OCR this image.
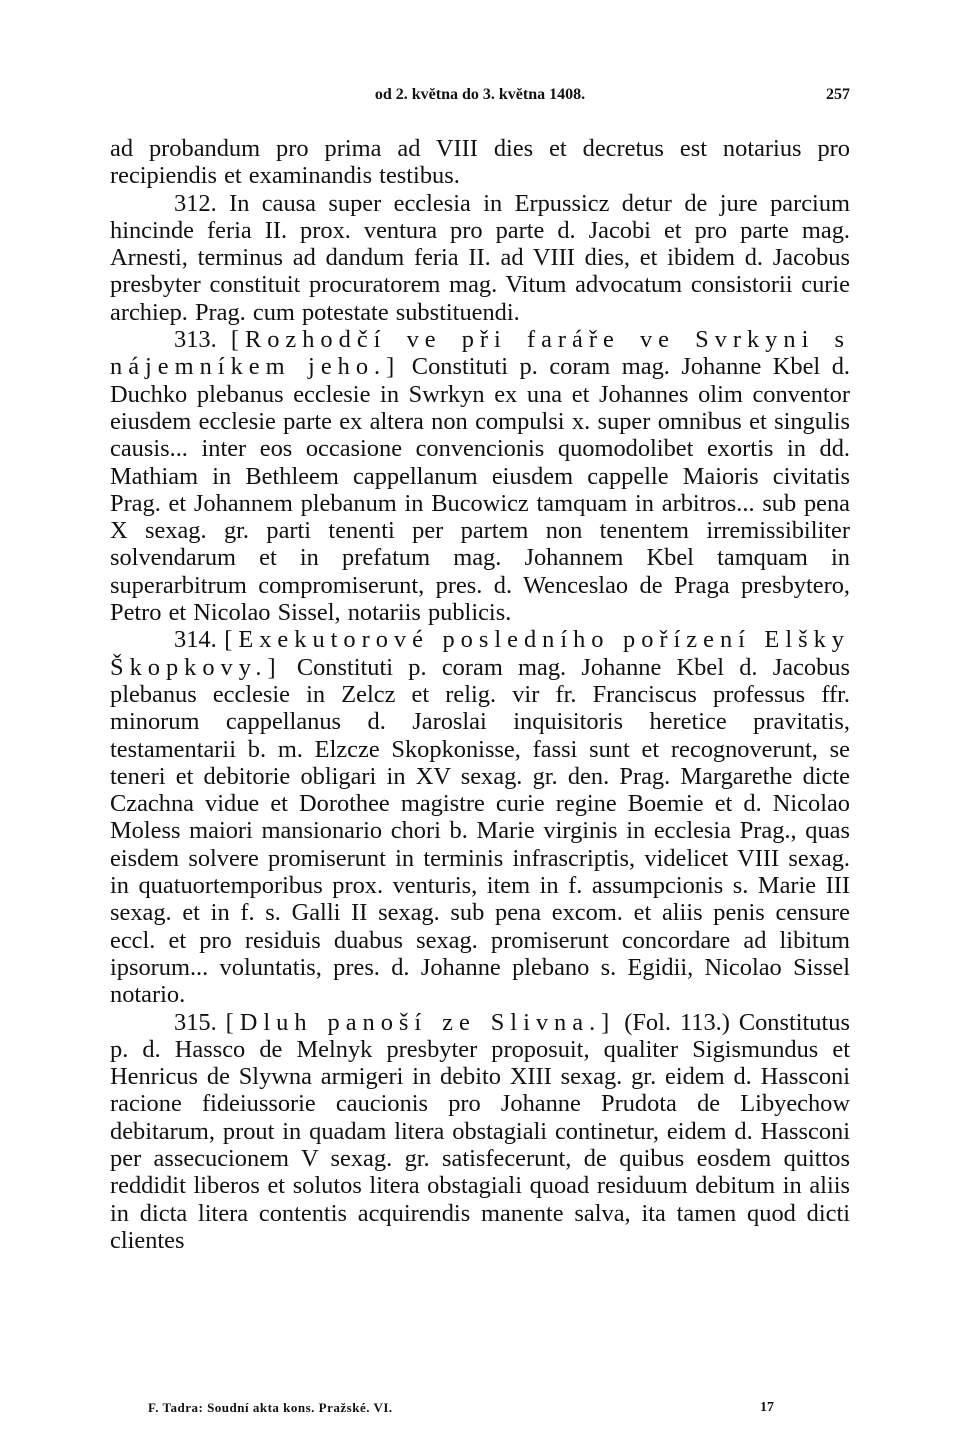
od 2. května do 3. května 1408.	257

ad probandum pro prima ad VIII dies et decretus est notarius pro recipiendis et examinandis testibus.

312. In causa super ecclesia in Erpussicz detur de jure parcium hincinde feria II. prox. ventura pro parte d. Jacobi et pro parte mag. Arnesti, terminus ad dandum feria II. ad VIII dies, et ibidem d. Jacobus presbyter constituit procuratorem mag. Vitum advocatum consistorii curie archiep. Prag. cum potestate substituendi.

313. [Rozhodčí ve při faráře ve Svrkyni s nájemníkem jeho.] Constituti p. coram mag. Johanne Kbel d. Duchko plebanus ecclesie in Swrkyn ex una et Johannes olim conventor eiusdem ecclesie parte ex altera non compulsi x. super omnibus et singulis causis... inter eos occasione convencionis quomodolibet exortis in dd. Mathiam in Bethleem cappellanum eiusdem cappelle Maioris civitatis Prag. et Johannem plebanum in Bucowicz tamquam in arbitros... sub pena X sexag. gr. parti tenenti per partem non tenentem irremissibiliter solvendarum et in prefatum mag. Johannem Kbel tamquam in superarbitrum compromiserunt, pres. d. Wenceslao de Praga presbytero, Petro et Nicolao Sissel, notariis publicis.

314. [Exekutorové posledního pořízení Elšky Škopkovy.] Constituti p. coram mag. Johanne Kbel d. Jacobus plebanus ecclesie in Zelcz et relig. vir fr. Franciscus professus ffr. minorum cappellanus d. Jaroslai inquisitoris heretice pravitatis, testamentarii b. m. Elzcze Skopkonisse, fassi sunt et recognoverunt, se teneri et debitorie obligari in XV sexag. gr. den. Prag. Margarethe dicte Czachna vidue et Dorothee magistre curie regine Boemie et d. Nicolao Moless maiori mansionario chori b. Marie virginis in ecclesia Prag., quas eisdem solvere promiserunt in terminis infrascriptis, videlicet VIII sexag. in quatuortemporibus prox. venturis, item in f. assumpcionis s. Marie III sexag. et in f. s. Galli II sexag. sub pena excom. et aliis penis censure eccl. et pro residuis duabus sexag. promiserunt concordare ad libitum ipsorum... voluntatis, pres. d. Johanne plebano s. Egidii, Nicolao Sissel notario.

315. [Dluh panoší ze Slivna.] (Fol. 113.) Constitutus p. d. Hassco de Melnyk presbyter proposuit, qualiter Sigismundus et Henricus de Slywna armigeri in debito XIII sexag. gr. eidem d. Hassconi racione fideiussorie caucionis pro Johanne Prudota de Libyechow debitarum, prout in quadam litera obstagiali continetur, eidem d. Hassconi per assecucionem V sexag. gr. satisfecerunt, de quibus eosdem quittos reddidit liberos et solutos litera obstagiali quoad residuum debitum in aliis in dicta litera contentis acquirendis manente salva, ita tamen quod dicti clientes

F. Tadra: Soudní akta kons. Pražské. VI.	17
